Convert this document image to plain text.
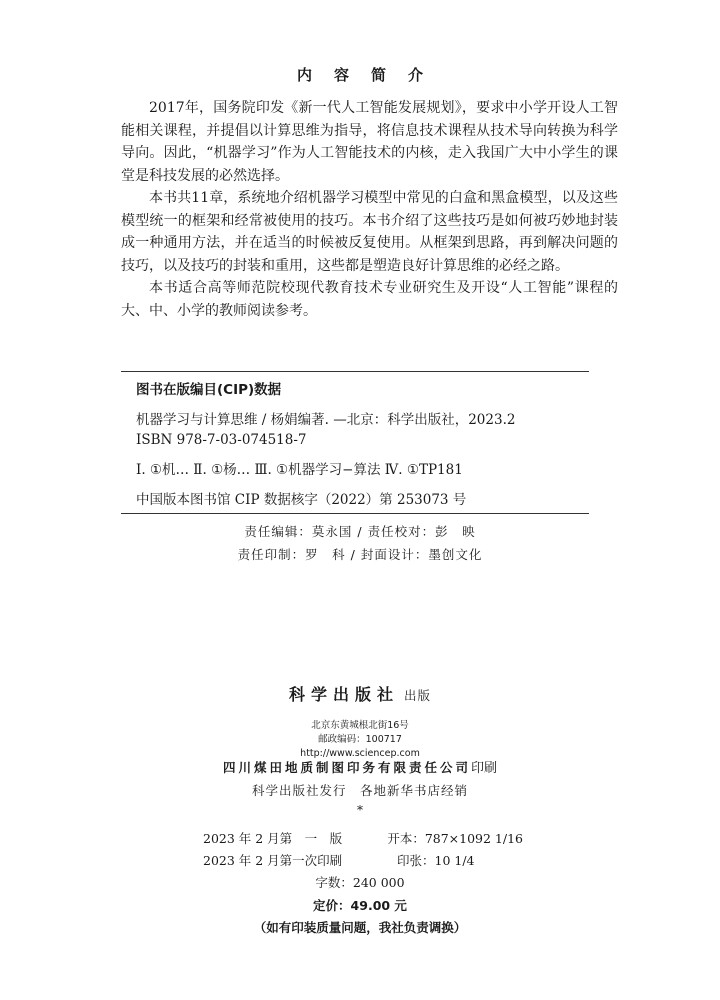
内容简介

2017年，国务院印发《新一代人工智能发展规划》，要求中小学开设人工智能相关课程，并提倡以计算思维为指导，将信息技术课程从技术导向转换为科学导向。因此，“机器学习”作为人工智能技术的内核，走入我国广大中小学生的课堂是科技发展的必然选择。

本书共11章，系统地介绍机器学习模型中常见的白盒和黑盒模型，以及这些模型统一的框架和经常被使用的技巧。本书介绍了这些技巧是如何被巧妙地封装成一种通用方法，并在适当的时候被反复使用。从框架到思路，再到解决问题的技巧，以及技巧的封装和重用，这些都是塑造良好计算思维的必经之路。

本书适合高等师范院校现代教育技术专业研究生及开设“人工智能”课程的大、中、小学的教师阅读参考。

图书在版编目(CIP)数据
机器学习与计算思维 / 杨娟编著. —北京：科学出版社，2023.2
ISBN 978-7-03-074518-7
Ⅰ. ①机… Ⅱ. ①杨… Ⅲ. ①机器学习−算法 Ⅳ. ①TP181
中国版本图书馆 CIP 数据核字（2022）第 253073 号
责任编辑：莫永国 / 责任校对：彭　映
责任印制：罗　科 / 封面设计：墨创文化
科学出版社 出版
北京东黄城根北街16号
邮政编码：100717
http://www.sciencep.com
四川煤田地质制图印务有限责任公司印刷
科学出版社发行　各地新华书店经销
*
2023 年 2 月第　一　版	开本：787×1092 1/16
2023 年 2 月第一次印刷	印张：10 1/4
字数：240 000
定价：49.00 元
（如有印装质量问题，我社负责调换）
